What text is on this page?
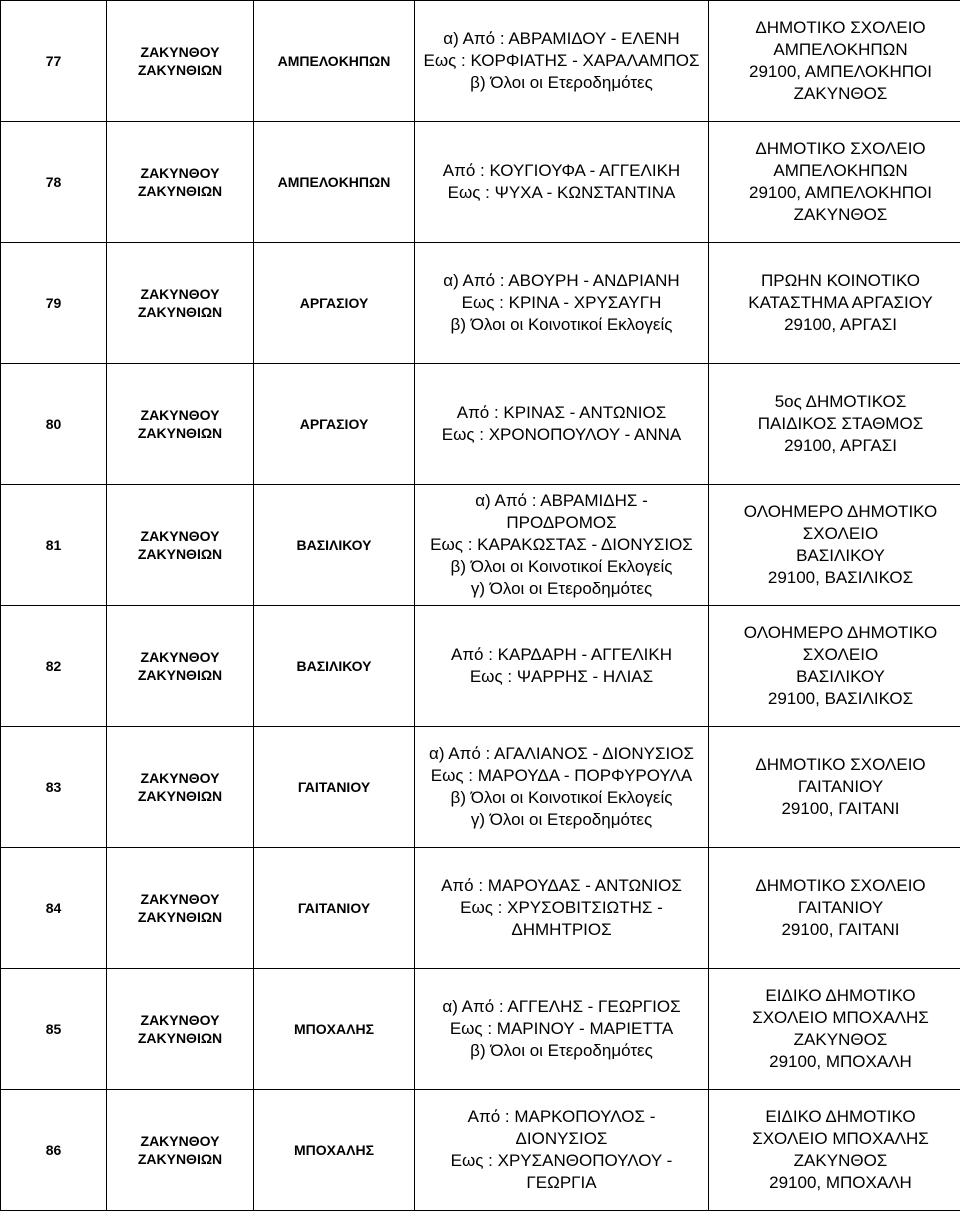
77	ΖΑΚΥΝΘΟΥ
ΖΑΚΥΝΘΙΩΝ	ΑΜΠΕΛΟΚΗΠΩΝ	α) Από : ΑΒΡΑΜΙΔΟΥ - ΕΛΕΝΗ
Εως : ΚΟΡΦΙΑΤΗΣ - ΧΑΡΑΛΑΜΠΟΣ
β) Όλοι οι Ετεροδημότες	ΔΗΜΟΤΙΚΟ ΣΧΟΛΕΙΟ
ΑΜΠΕΛΟΚΗΠΩΝ
29100, ΑΜΠΕΛΟΚΗΠΟΙ
ΖΑΚΥΝΘΟΣ

78	ΖΑΚΥΝΘΟΥ
ΖΑΚΥΝΘΙΩΝ	ΑΜΠΕΛΟΚΗΠΩΝ	Από : ΚΟΥΓΙΟΥΦΑ - ΑΓΓΕΛΙΚΗ
Εως : ΨΥΧΑ - ΚΩΝΣΤΑΝΤΙΝΑ	ΔΗΜΟΤΙΚΟ ΣΧΟΛΕΙΟ
ΑΜΠΕΛΟΚΗΠΩΝ
29100, ΑΜΠΕΛΟΚΗΠΟΙ
ΖΑΚΥΝΘΟΣ

79	ΖΑΚΥΝΘΟΥ
ΖΑΚΥΝΘΙΩΝ	ΑΡΓΑΣΙΟΥ	α) Από : ΑΒΟΥΡΗ - ΑΝΔΡΙΑΝΗ
Εως : ΚΡΙΝΑ - ΧΡΥΣΑΥΓΗ
β) Όλοι οι Κοινοτικοί Εκλογείς	ΠΡΩΗΝ ΚΟΙΝΟΤΙΚΟ
ΚΑΤΑΣΤΗΜΑ ΑΡΓΑΣΙΟΥ
29100, ΑΡΓΑΣΙ

80	ΖΑΚΥΝΘΟΥ
ΖΑΚΥΝΘΙΩΝ	ΑΡΓΑΣΙΟΥ	Από : ΚΡΙΝΑΣ - ΑΝΤΩΝΙΟΣ
Εως : ΧΡΟΝΟΠΟΥΛΟΥ - ΑΝΝΑ	5ος ΔΗΜΟΤΙΚΟΣ
ΠΑΙΔΙΚΟΣ ΣΤΑΘΜΟΣ
29100, ΑΡΓΑΣΙ

81	ΖΑΚΥΝΘΟΥ
ΖΑΚΥΝΘΙΩΝ	ΒΑΣΙΛΙΚΟΥ	α) Από : ΑΒΡΑΜΙΔΗΣ -
ΠΡΟΔΡΟΜΟΣ
Εως : ΚΑΡΑΚΩΣΤΑΣ - ΔΙΟΝΥΣΙΟΣ
β) Όλοι οι Κοινοτικοί Εκλογείς
γ) Όλοι οι Ετεροδημότες	ΟΛΟΗΜΕΡΟ ΔΗΜΟΤΙΚΟ
ΣΧΟΛΕΙΟ
ΒΑΣΙΛΙΚΟΥ
29100, ΒΑΣΙΛΙΚΟΣ

82	ΖΑΚΥΝΘΟΥ
ΖΑΚΥΝΘΙΩΝ	ΒΑΣΙΛΙΚΟΥ	Από : ΚΑΡΔΑΡΗ - ΑΓΓΕΛΙΚΗ
Εως : ΨΑΡΡΗΣ - ΗΛΙΑΣ	ΟΛΟΗΜΕΡΟ ΔΗΜΟΤΙΚΟ
ΣΧΟΛΕΙΟ
ΒΑΣΙΛΙΚΟΥ
29100, ΒΑΣΙΛΙΚΟΣ

83	ΖΑΚΥΝΘΟΥ
ΖΑΚΥΝΘΙΩΝ	ΓΑΙΤΑΝΙΟΥ	α) Από : ΑΓΑΛΙΑΝΟΣ - ΔΙΟΝΥΣΙΟΣ
Εως : ΜΑΡΟΥΔΑ - ΠΟΡΦΥΡΟΥΛΑ
β) Όλοι οι Κοινοτικοί Εκλογείς
γ) Όλοι οι Ετεροδημότες	ΔΗΜΟΤΙΚΟ ΣΧΟΛΕΙΟ
ΓΑΙΤΑΝΙΟΥ
29100, ΓΑΙΤΑΝΙ

84	ΖΑΚΥΝΘΟΥ
ΖΑΚΥΝΘΙΩΝ	ΓΑΙΤΑΝΙΟΥ	Από : ΜΑΡΟΥΔΑΣ - ΑΝΤΩΝΙΟΣ
Εως : ΧΡΥΣΟΒΙΤΣΙΩΤΗΣ -
ΔΗΜΗΤΡΙΟΣ	ΔΗΜΟΤΙΚΟ ΣΧΟΛΕΙΟ
ΓΑΙΤΑΝΙΟΥ
29100, ΓΑΙΤΑΝΙ

85	ΖΑΚΥΝΘΟΥ
ΖΑΚΥΝΘΙΩΝ	ΜΠΟΧΑΛΗΣ	α) Από : ΑΓΓΕΛΗΣ - ΓΕΩΡΓΙΟΣ
Εως : ΜΑΡΙΝΟΥ - ΜΑΡΙΕΤΤΑ
β) Όλοι οι Ετεροδημότες	ΕΙΔΙΚΟ ΔΗΜΟΤΙΚΟ
ΣΧΟΛΕΙΟ ΜΠΟΧΑΛΗΣ
ΖΑΚΥΝΘΟΣ
29100, ΜΠΟΧΑΛΗ

86	ΖΑΚΥΝΘΟΥ
ΖΑΚΥΝΘΙΩΝ	ΜΠΟΧΑΛΗΣ	Από : ΜΑΡΚΟΠΟΥΛΟΣ -
ΔΙΟΝΥΣΙΟΣ
Εως : ΧΡΥΣΑΝΘΟΠΟΥΛΟΥ -
ΓΕΩΡΓΙΑ	ΕΙΔΙΚΟ ΔΗΜΟΤΙΚΟ
ΣΧΟΛΕΙΟ ΜΠΟΧΑΛΗΣ
ΖΑΚΥΝΘΟΣ
29100, ΜΠΟΧΑΛΗ
